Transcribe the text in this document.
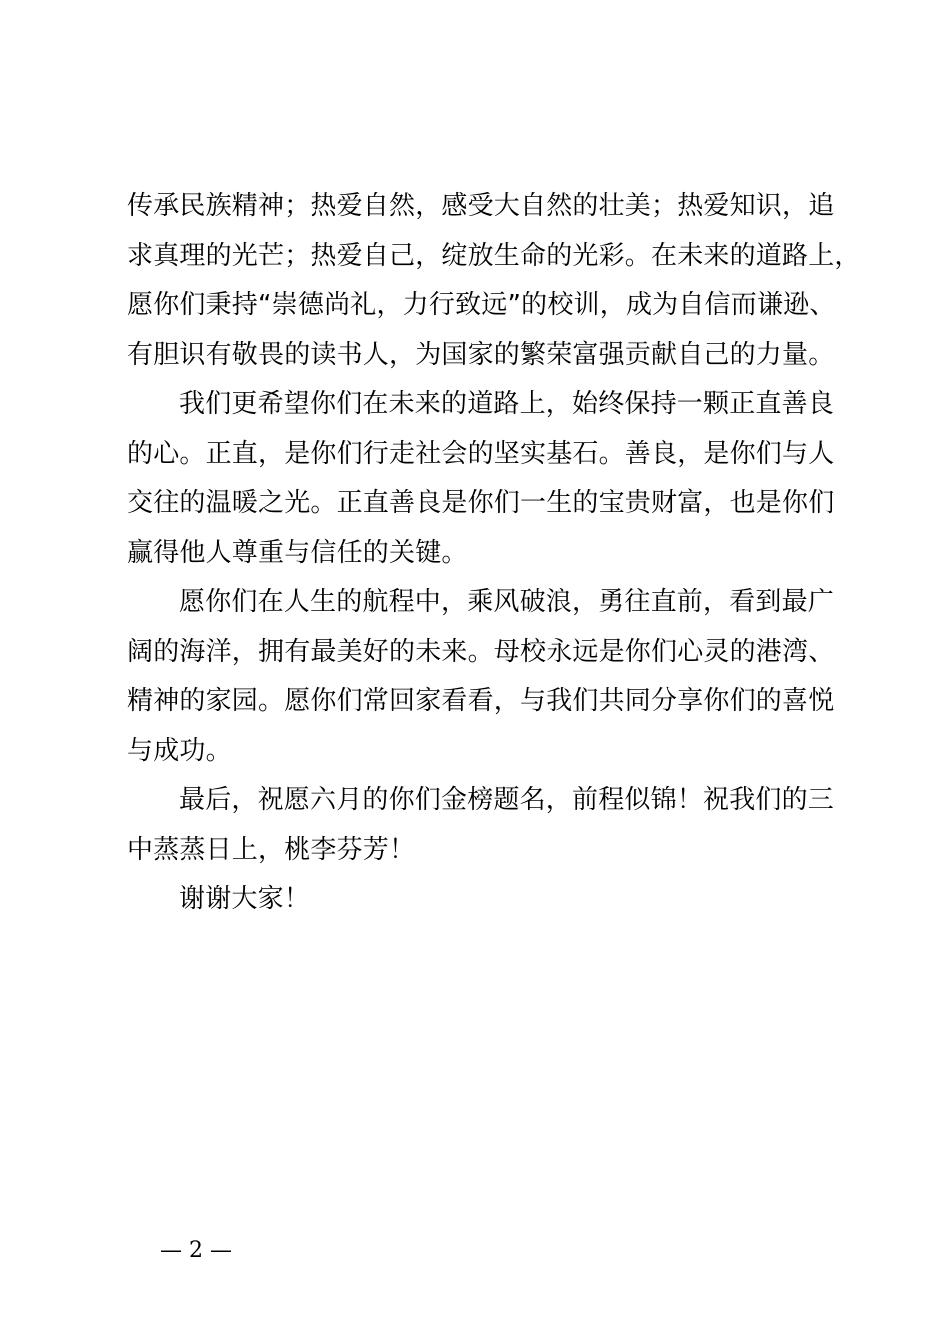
传承民族精神；热爱自然，感受大自然的壮美；热爱知识，追
求真理的光芒；热爱自己，绽放生命的光彩。在未来的道路上，
愿你们秉持“崇德尚礼，力行致远”的校训，成为自信而谦逊、
有胆识有敬畏的读书人，为国家的繁荣富强贡献自己的力量。
我们更希望你们在未来的道路上，始终保持一颗正直善良
的心。正直，是你们行走社会的坚实基石。善良，是你们与人
交往的温暖之光。正直善良是你们一生的宝贵财富，也是你们
赢得他人尊重与信任的关键。
愿你们在人生的航程中，乘风破浪，勇往直前，看到最广
阔的海洋，拥有最美好的未来。母校永远是你们心灵的港湾、
精神的家园。愿你们常回家看看，与我们共同分享你们的喜悦
与成功。
最后，祝愿六月的你们金榜题名，前程似锦！祝我们的三
中蒸蒸日上，桃李芬芳！
谢谢大家！
— 2 —
